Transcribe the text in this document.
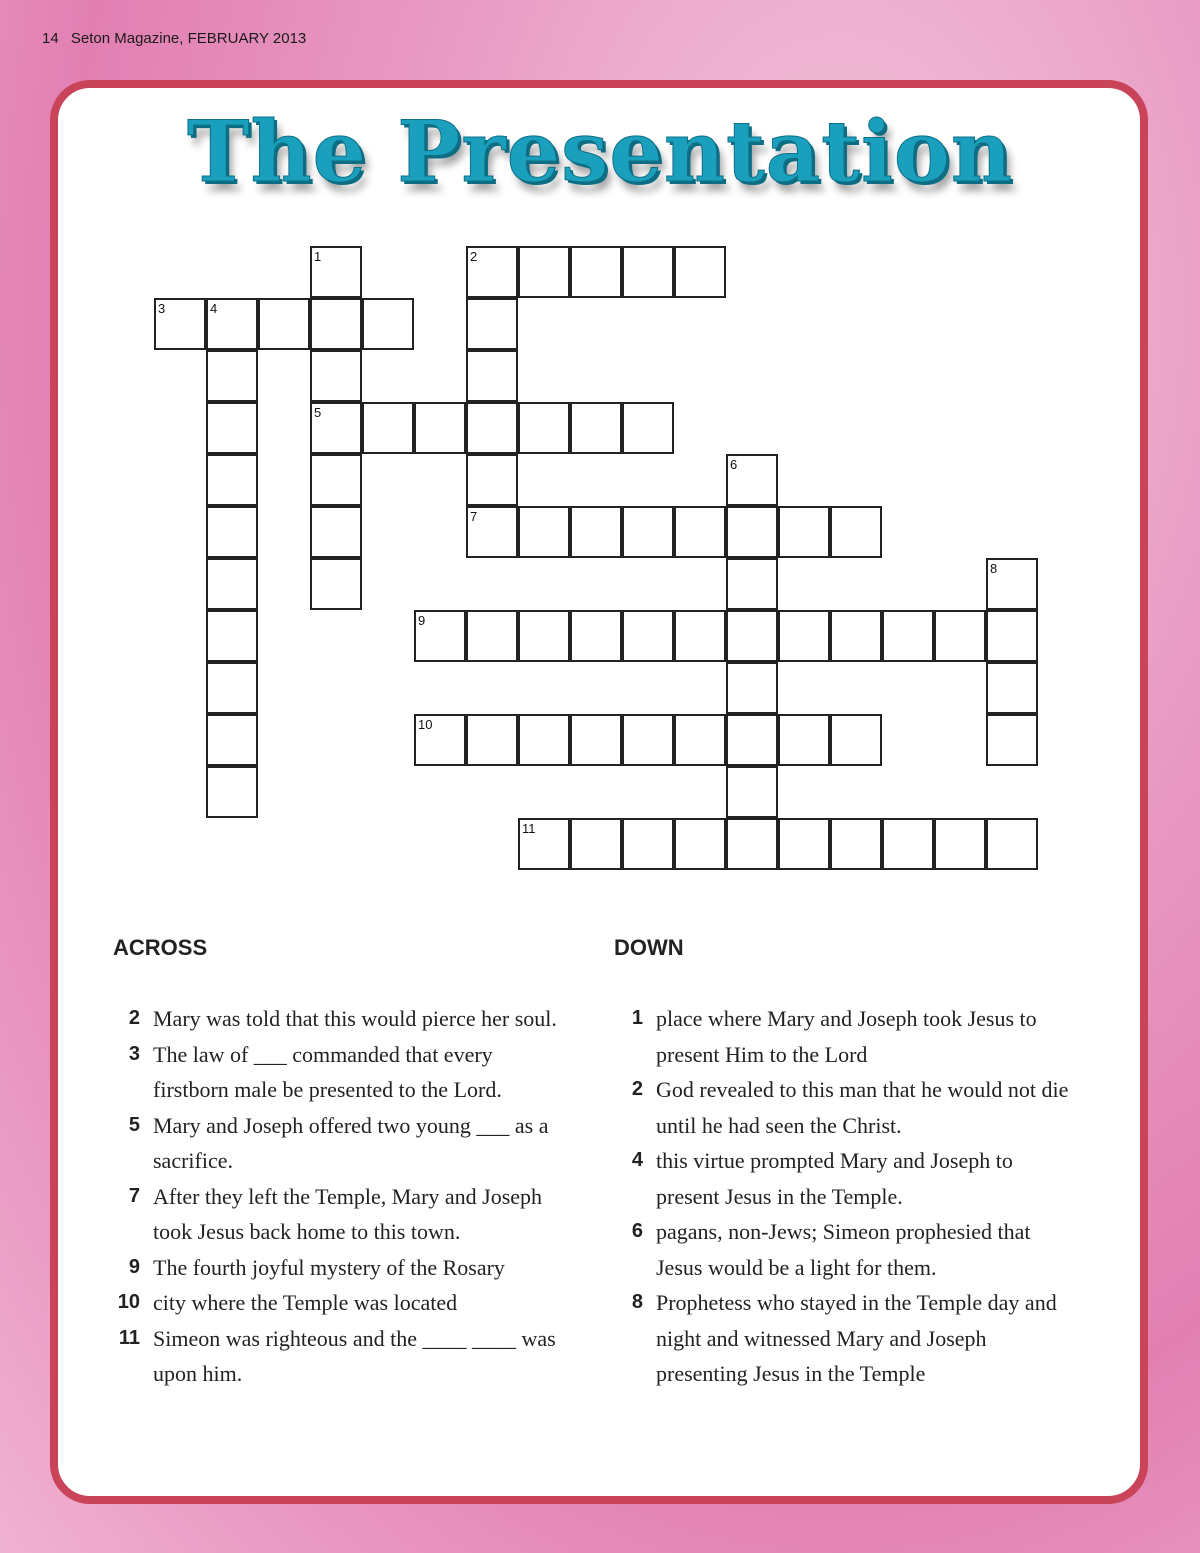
14 Seton Magazine, FEBRUARY 2013
The Presentation
2
3	4
5
7
9
10
11
1
6
8
ACROSS	DOWN
2 Mary was told that this would pierce her soul.
3 The law of ___ commanded that every firstborn male be presented to the Lord.
5 Mary and Joseph offered two young ___ as a sacrifice.
7 After they left the Temple, Mary and Joseph took Jesus back home to this town.
9 The fourth joyful mystery of the Rosary
10 city where the Temple was located
11 Simeon was righteous and the ____ ____ was upon him.
1 place where Mary and Joseph took Jesus to present Him to the Lord
2 God revealed to this man that he would not die until he had seen the Christ.
4 this virtue prompted Mary and Joseph to present Jesus in the Temple.
6 pagans, non-Jews; Simeon prophesied that Jesus would be a light for them.
8 Prophetess who stayed in the Temple day and night and witnessed Mary and Joseph presenting Jesus in the Temple
